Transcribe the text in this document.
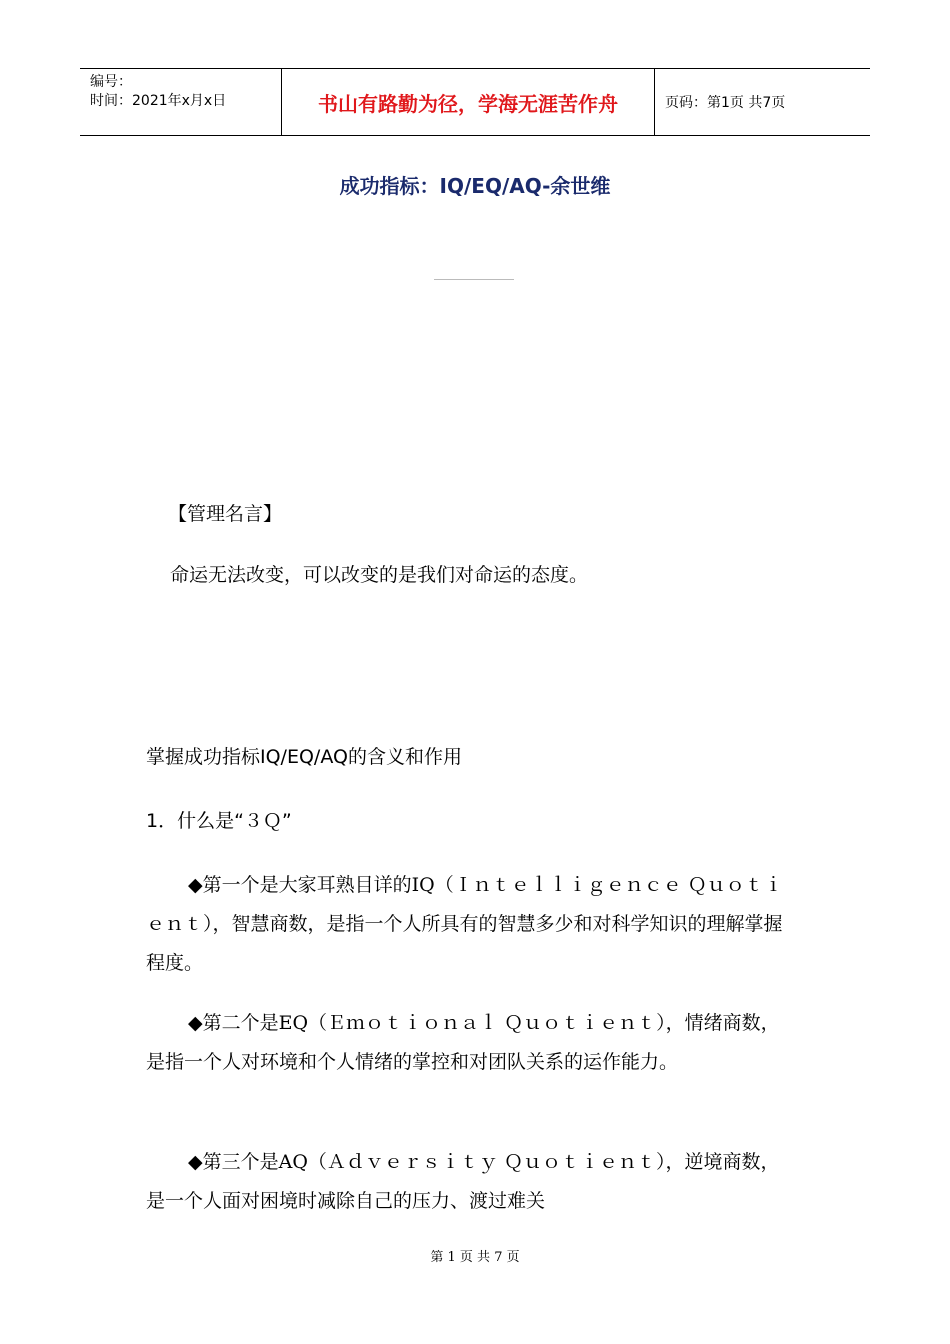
编号：
时间：2021年x月x日	书山有路勤为径，学海无涯苦作舟	页码：第1页 共7页
成功指标：IQ/EQ/AQ-余世维
【管理名言】
命运无法改变，可以改变的是我们对命运的态度。
掌握成功指标IQ/EQ/AQ的含义和作用
1．什么是“３Ｑ”
◆第一个是大家耳熟目详的IQ（Ｉｎｔｅｌｌｉｇｅｎｃｅ Ｑｕｏｔｉｅｎｔ），智慧商数，是指一个人所具有的智慧多少和对科学知识的理解掌握程度。
◆第二个是EQ（Ｅｍｏｔｉｏｎａｌ Ｑｕｏｔｉｅｎｔ），情绪商数，是指一个人对环境和个人情绪的掌控和对团队关系的运作能力。
◆第三个是AQ（Ａｄｖｅｒｓｉｔｙ Ｑｕｏｔｉｅｎｔ），逆境商数，是一个人面对困境时减除自己的压力、渡过难关
第 1 页 共 7 页
